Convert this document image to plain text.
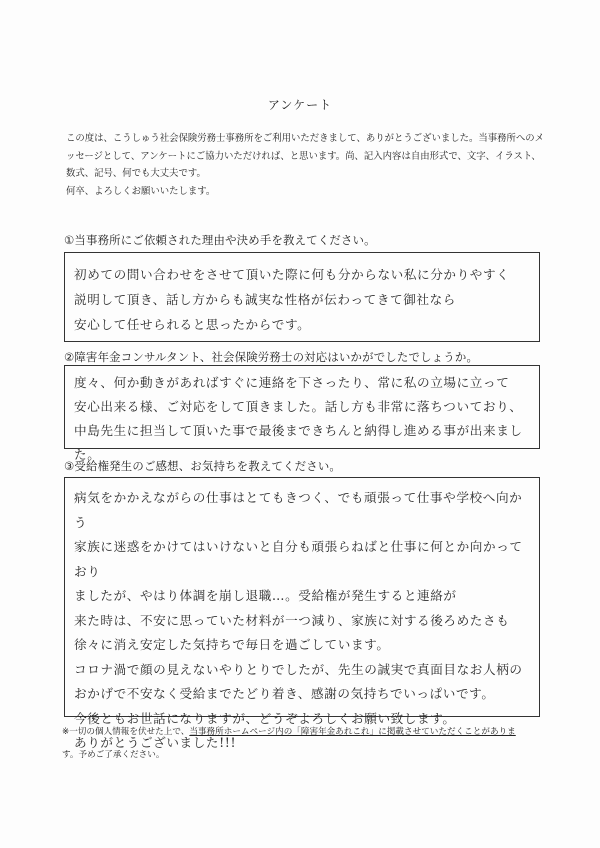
アンケート
この度は、こうしゅう社会保険労務士事務所をご利用いただきまして、ありがとうございました。当事務所へのメッセージとして、アンケートにご協力いただければ、と思います。尚、記入内容は自由形式で、文字、イラスト、数式、記号、何でも大丈夫です。
何卒、よろしくお願いいたします。
①当事務所にご依頼された理由や決め手を教えてください。
初めての問い合わせをさせて頂いた際に何も分からない私に分かりやすく
説明して頂き、話し方からも誠実な性格が伝わってきて御社なら
安心して任せられると思ったからです。
②障害年金コンサルタント、社会保険労務士の対応はいかがでしたでしょうか。
度々、何か動きがあればすぐに連絡を下さったり、常に私の立場に立って
安心出来る様、ご対応をして頂きました。話し方も非常に落ちついており、
中島先生に担当して頂いた事で最後まできちんと納得し進める事が出来ました。
③受給権発生のご感想、お気持ちを教えてください。
病気をかかえながらの仕事はとてもきつく、でも頑張って仕事や学校へ向かう
家族に迷惑をかけてはいけないと自分も頑張らねばと仕事に何とか向かっており
ましたが、やはり体調を崩し退職…。受給権が発生すると連絡が
来た時は、不安に思っていた材料が一つ減り、家族に対する後ろめたさも
徐々に消え安定した気持ちで毎日を過ごしています。
コロナ渦で顔の見えないやりとりでしたが、先生の誠実で真面目なお人柄の
おかげで不安なく受給までたどり着き、感謝の気持ちでいっぱいです。
今後ともお世話になりますが、どうぞよろしくお願い致します。
ありがとうございました!!!
※一切の個人情報を伏せた上で、当事務所ホームページ内の「障害年金あれこれ」に掲載させていただくことがありま
す。予めご了承ください。
